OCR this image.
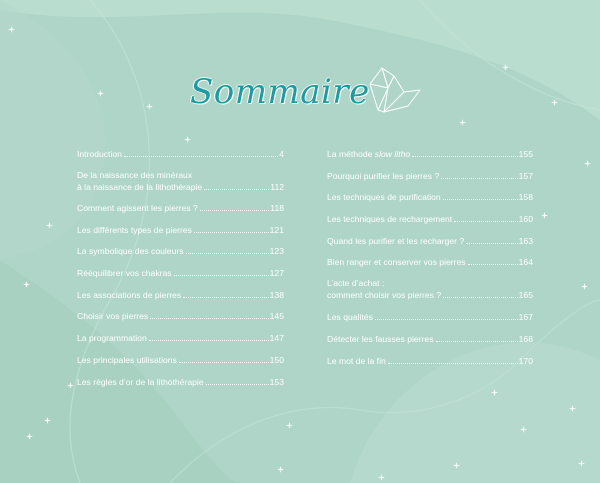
Sommaire
Introduction	4
De la naissance des minéraux
à la naissance de la lithothérapie	112
Comment agissent les pierres ?	118
Les différents types de pierres	121
La symbolique des couleurs	123
Rééquilibrer vos chakras	127
Les associations de pierres	138
Choisir vos pierres	145
La programmation	147
Les principales utilisations	150
Les règles d’or de la lithothérapie	153
La méthode slow litho	155
Pourquoi purifier les pierres ?	157
Les techniques de purification	158
Les techniques de rechargement	160
Quand les purifier et les recharger ?	163
Bien ranger et conserver vos pierres	164
L’acte d’achat :
comment choisir vos pierres ?	165
Les qualités	167
Détecter les fausses pierres	168
Le mot de la fin	170
